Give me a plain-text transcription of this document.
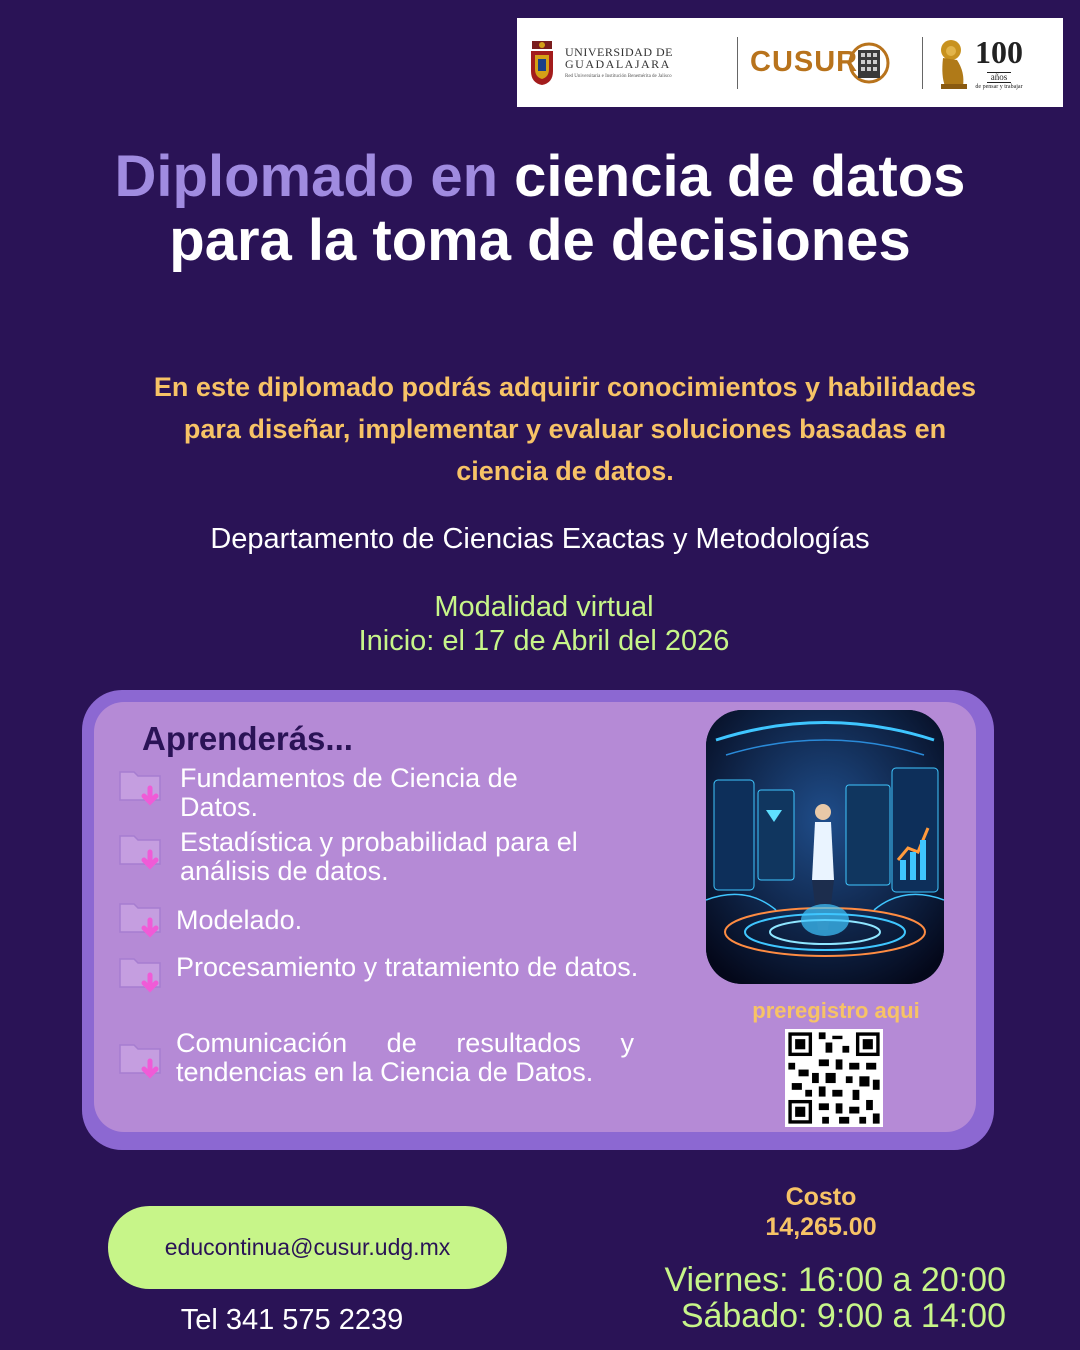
UNIVERSIDAD DE
GUADALAJARA
Red Universitaria e Institución Benemérita de Jalisco	CUSUR	100
años
de pensar y trabajar
Diplomado en ciencia de datos para la toma de decisiones

En este diplomado podrás adquirir conocimientos y habilidades para diseñar, implementar y evaluar soluciones basadas en ciencia de datos.

Departamento de Ciencias Exactas y Metodologías

Modalidad virtual
Inicio: el 17 de Abril del 2026
Aprenderás...
Fundamentos de Ciencia de Datos.
Estadística y probabilidad para el análisis de datos.
Modelado.
Procesamiento y tratamiento de datos.
Comunicación de resultados y tendencias en la Ciencia de Datos.
preregistro aqui
educontinua@cusur.udg.mx
Tel 341 575 2239
Costo
14,265.00
Viernes: 16:00 a 20:00
Sábado: 9:00 a 14:00
